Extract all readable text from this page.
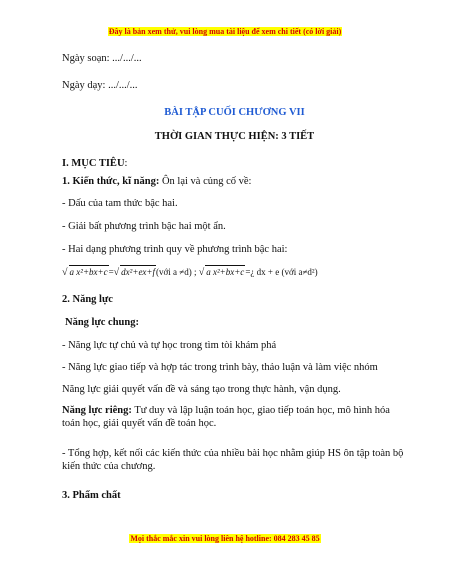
Đây là bản xem thử, vui lòng mua tài liệu để xem chi tiết (có lời giải)
Ngày soạn: .../.../...
Ngày dạy: .../.../...
BÀI TẬP CUỐI CHƯƠNG VII
THỜI GIAN THỰC HIỆN: 3 TIẾT
I. MỤC TIÊU:
1. Kiến thức, kĩ năng: Ôn lại và củng cố về:
- Dấu của tam thức bậc hai.
- Giải bất phương trình bậc hai một ẩn.
- Hai dạng phương trình quy về phương trình bậc hai:
√ a x²+bx+c=√ dx²+ex+f(với a ≠d) ; √ a x²+bx+c=¿ dx + e (với a≠d²)
2. Năng lực
Năng lực chung:
- Năng lực tự chủ và tự học trong tìm tòi khám phá
- Năng lực giao tiếp và hợp tác trong trình bày, thảo luận và làm việc nhóm
Năng lực giải quyết vấn đề và sáng tạo trong thực hành, vận dụng.
Năng lực riêng: Tư duy và lập luận toán học, giao tiếp toán học, mô hình hóa toán học, giải quyết vấn đề toán học.
- Tổng hợp, kết nối các kiến thức của nhiều bài học nhằm giúp HS ôn tập toàn bộ kiến thức của chương.
3. Phẩm chất
Mọi thắc mắc xin vui lòng liên hệ hotline: 084 283 45 85
